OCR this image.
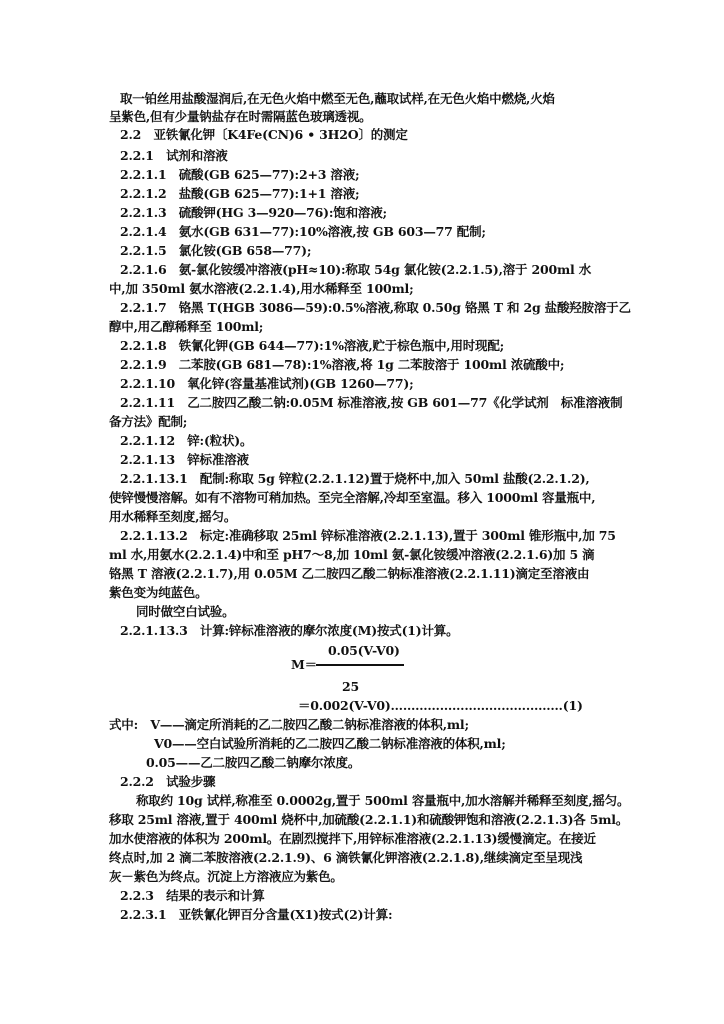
取一铂丝用盐酸湿润后,在无色火焰中燃至无色,蘸取试样,在无色火焰中燃烧,火焰
呈紫色,但有少量钠盐存在时需隔蓝色玻璃透视。
2.2　亚铁氰化钾〔K4Fe(CN)6 • 3H2O〕的测定
2.2.1　试剂和溶液
2.2.1.1　硫酸(GB 625—77):2+3 溶液;
2.2.1.2　盐酸(GB 625—77):1+1 溶液;
2.2.1.3　硫酸钾(HG 3—920—76):饱和溶液;
2.2.1.4　氨水(GB 631—77):10%溶液,按 GB 603—77 配制;
2.2.1.5　氯化铵(GB 658—77);
2.2.1.6　氨-氯化铵缓冲溶液(pH≈10):称取 54g 氯化铵(2.2.1.5),溶于 200ml 水
中,加 350ml 氨水溶液(2.2.1.4),用水稀释至 100ml;
2.2.1.7　铬黑 T(HGB 3086—59):0.5%溶液,称取 0.50g 铬黑 T 和 2g 盐酸羟胺溶于乙
醇中,用乙醇稀释至 100ml;
2.2.1.8　铁氰化钾(GB 644—77):1%溶液,贮于棕色瓶中,用时现配;
2.2.1.9　二苯胺(GB 681—78):1%溶液,将 1g 二苯胺溶于 100ml 浓硫酸中;
2.2.1.10　氧化锌(容量基准试剂)(GB 1260—77);
2.2.1.11　乙二胺四乙酸二钠:0.05M 标准溶液,按 GB 601—77《化学试剂　标准溶液制
备方法》配制;
2.2.1.12　锌:(粒状)。
2.2.1.13　锌标准溶液
2.2.1.13.1　配制:称取 5g 锌粒(2.2.1.12)置于烧杯中,加入 50ml 盐酸(2.2.1.2),
使锌慢慢溶解。如有不溶物可稍加热。至完全溶解,冷却至室温。移入 1000ml 容量瓶中,
用水稀释至刻度,摇匀。
2.2.1.13.2　标定:准确移取 25ml 锌标准溶液(2.2.1.13),置于 300ml 锥形瓶中,加 75
ml 水,用氨水(2.2.1.4)中和至 pH7～8,加 10ml 氨-氯化铵缓冲溶液(2.2.1.6)加 5 滴
铬黑 T 溶液(2.2.1.7),用 0.05M 乙二胺四乙酸二钠标准溶液(2.2.1.11)滴定至溶液由
紫色变为纯蓝色。
同时做空白试验。
2.2.1.13.3　计算:锌标准溶液的摩尔浓度(M)按式(1)计算。
0.05(V-V0)
M＝
25
＝0.002(V-V0)……………………………………(1)
式中:　V——滴定所消耗的乙二胺四乙酸二钠标准溶液的体积,ml;
V0——空白试验所消耗的乙二胺四乙酸二钠标准溶液的体积,ml;
0.05——乙二胺四乙酸二钠摩尔浓度。
2.2.2　试验步骤
称取约 10g 试样,称准至 0.0002g,置于 500ml 容量瓶中,加水溶解并稀释至刻度,摇匀。
移取 25ml 溶液,置于 400ml 烧杯中,加硫酸(2.2.1.1)和硫酸钾饱和溶液(2.2.1.3)各 5ml。
加水使溶液的体积为 200ml。在剧烈搅拌下,用锌标准溶液(2.2.1.13)缓慢滴定。在接近
终点时,加 2 滴二苯胺溶液(2.2.1.9)、6 滴铁氰化钾溶液(2.2.1.8),继续滴定至呈现浅
灰－紫色为终点。沉淀上方溶液应为紫色。
2.2.3　结果的表示和计算
2.2.3.1　亚铁氰化钾百分含量(X1)按式(2)计算:
